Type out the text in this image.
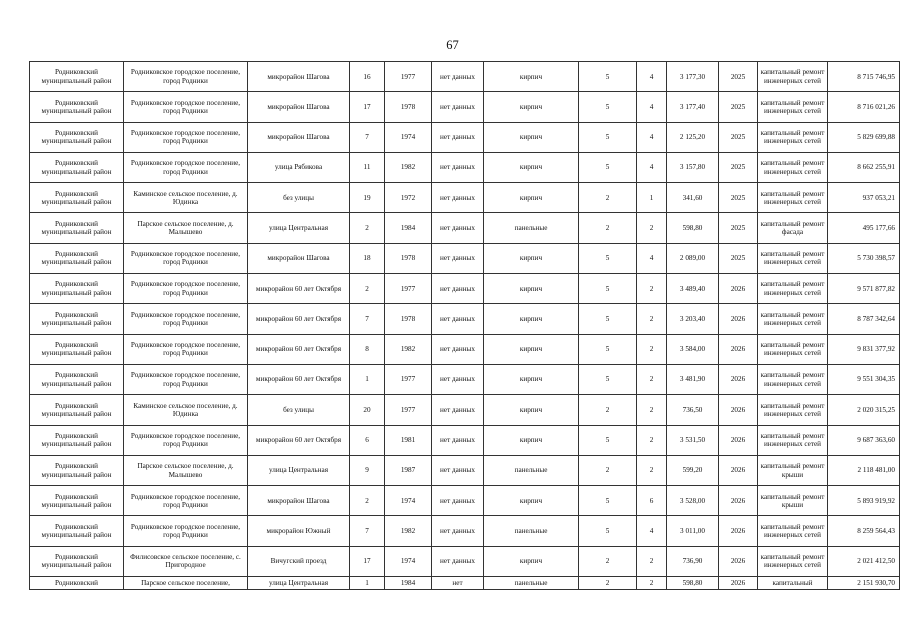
67
Родниковский муниципальный район	Родниковское городское поселение, город Родники	микрорайон Шагова	16	1977	нет данных	кирпич	5	4	3 177,30	2025	капитальный ремонт инженерных сетей	8 715 746,95
Родниковский муниципальный район	Родниковское городское поселение, город Родники	микрорайон Шагова	17	1978	нет данных	кирпич	5	4	3 177,40	2025	капитальный ремонт инженерных сетей	8 716 021,26
Родниковский муниципальный район	Родниковское городское поселение, город Родники	микрорайон Шагова	7	1974	нет данных	кирпич	5	4	2 125,20	2025	капитальный ремонт инженерных сетей	5 829 699,88
Родниковский муниципальный район	Родниковское городское поселение, город Родники	улица Рябикова	11	1982	нет данных	кирпич	5	4	3 157,80	2025	капитальный ремонт инженерных сетей	8 662 255,91
Родниковский муниципальный район	Каминское сельское поселение, д. Юдинка	без улицы	19	1972	нет данных	кирпич	2	1	341,60	2025	капитальный ремонт инженерных сетей	937 053,21
Родниковский муниципальный район	Парское сельское поселение, д. Малышево	улица Центральная	2	1984	нет данных	панельные	2	2	598,80	2025	капитальный ремонт фасада	495 177,66
Родниковский муниципальный район	Родниковское городское поселение, город Родники	микрорайон Шагова	18	1978	нет данных	кирпич	5	4	2 089,00	2025	капитальный ремонт инженерных сетей	5 730 398,57
Родниковский муниципальный район	Родниковское городское поселение, город Родники	микрорайон 60 лет Октября	2	1977	нет данных	кирпич	5	2	3 489,40	2026	капитальный ремонт инженерных сетей	9 571 877,82
Родниковский муниципальный район	Родниковское городское поселение, город Родники	микрорайон 60 лет Октября	7	1978	нет данных	кирпич	5	2	3 203,40	2026	капитальный ремонт инженерных сетей	8 787 342,64
Родниковский муниципальный район	Родниковское городское поселение, город Родники	микрорайон 60 лет Октября	8	1982	нет данных	кирпич	5	2	3 584,00	2026	капитальный ремонт инженерных сетей	9 831 377,92
Родниковский муниципальный район	Родниковское городское поселение, город Родники	микрорайон 60 лет Октября	1	1977	нет данных	кирпич	5	2	3 481,90	2026	капитальный ремонт инженерных сетей	9 551 304,35
Родниковский муниципальный район	Каминское сельское поселение, д. Юдинка	без улицы	20	1977	нет данных	кирпич	2	2	736,50	2026	капитальный ремонт инженерных сетей	2 020 315,25
Родниковский муниципальный район	Родниковское городское поселение, город Родники	микрорайон 60 лет Октября	6	1981	нет данных	кирпич	5	2	3 531,50	2026	капитальный ремонт инженерных сетей	9 687 363,60
Родниковский муниципальный район	Парское сельское поселение, д. Малышево	улица Центральная	9	1987	нет данных	панельные	2	2	599,20	2026	капитальный ремонт крыши	2 118 481,00
Родниковский муниципальный район	Родниковское городское поселение, город Родники	микрорайон Шагова	2	1974	нет данных	кирпич	5	6	3 528,00	2026	капитальный ремонт крыши	5 893 919,92
Родниковский муниципальный район	Родниковское городское поселение, город Родники	микрорайон Южный	7	1982	нет данных	панельные	5	4	3 011,00	2026	капитальный ремонт инженерных сетей	8 259 564,43
Родниковский муниципальный район	Филисовское сельское поселение, с. Пригородное	Вичугский проезд	17	1974	нет данных	кирпич	2	2	736,90	2026	капитальный ремонт инженерных сетей	2 021 412,50
Родниковский	Парское сельское поселение,	улица Центральная	1	1984	нет	панельные	2	2	598,80	2026	капитальный	2 151 930,70
